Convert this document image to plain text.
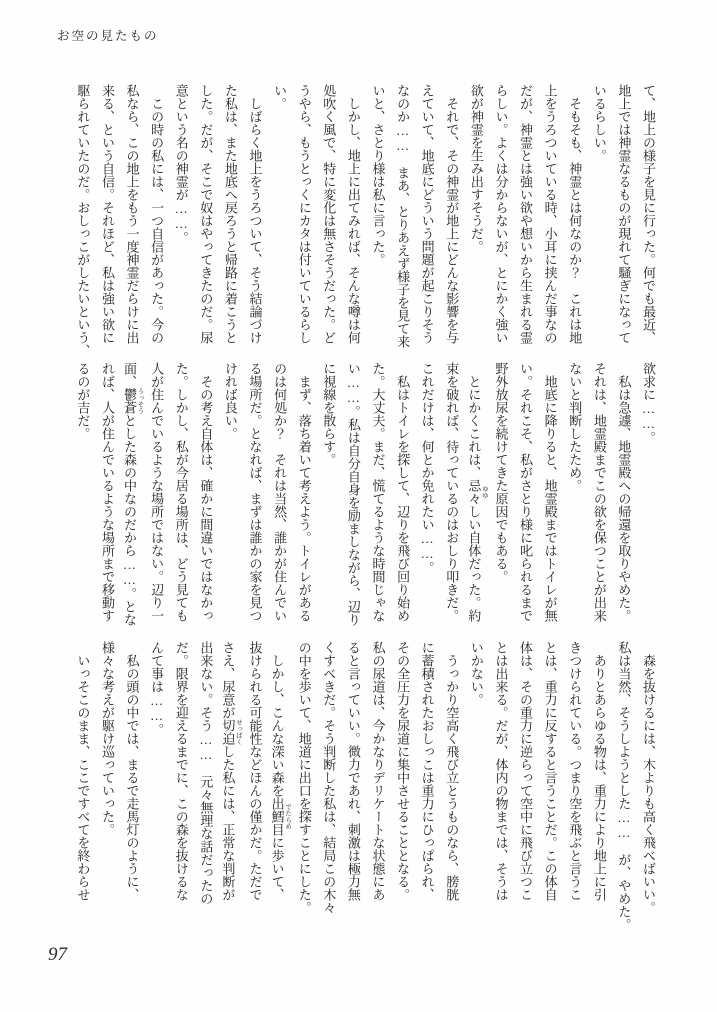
お空の見たもの
て、地上の様子を見に行った。何でも最近、
地上では神霊なるものが現れて騒ぎになって
いるらしい。
　そもそも、神霊とは何なのか？　これは地
上をうろついている時、小耳に挟んだ事なの
だが、神霊とは強い欲や想いから生まれる霊
らしい。よくは分からないが、とにかく強い
欲が神霊を生み出すそうだ。
　それで、その神霊が地上にどんな影響を与
えていて、地底にどういう問題が起こりそう
なのか……　まあ、とりあえず様子を見て来
いと、さとり様は私に言った。
　しかし、地上に出てみれば、そんな噂は何
処吹く風で、特に変化は無さそうだった。ど
うやら、もうとっくにカタは付いているらし
い。
　しばらく地上をうろついて、そう結論づけ
た私は、また地底へ戻ろうと帰路に着こうと
した。だが、そこで奴はやってきたのだ。尿
意という名の神霊が……。
　この時の私には、一つ自信があった。今の
私なら、この地上をもう一度神霊だらけに出
来る、という自信。それほど、私は強い欲に
駆られていたのだ。おしっこがしたいという、
欲求に……。
　私は急遽、地霊殿への帰還を取りやめた。
それは、地霊殿までこの欲を保つことが出来
ないと判断したため。
　地底に降りると、地霊殿まではトイレが無
い。それこそ、私がさとり様に叱られるまで
野外放尿を続けてきた原因でもある。
　とにかくこれは、忌々 ゆゆしい自体だった。約
束を破れば、待っているのはおしり叩きだ。
これだけは、何とか免れたい……。
　私はトイレを探して、辺りを飛び回り始め
た。大丈夫。まだ、慌てるような時間じゃな
い……。私は自分自身を励ましながら、辺り
に視線を散らす。
　まず、落ち着いて考えよう。トイレがある
のは何処か？　それは当然、誰かが住んでい
る場所だ。となれば、まずは誰かの家を見つ
ければ良い。
　その考え自体は、確かに間違いではなかっ
た。しかし、私が今居る場所は、どう見ても
人が住んでいるような場所ではない。辺り一
面、鬱蒼 うっそうとした森の中なのだから……。とな
れば、人が住んでいるような場所まで移動す
るのが吉だ。
　森を抜けるには、木よりも高く飛べばいい。
私は当然、そうしようとした……　が、やめた。
　ありとあらゆる物は、重力により地上に引
きつけられている。つまり空を飛ぶと言うこ
とは、重力に反すると言うことだ。この体自
体は、その重力に逆らって空中に飛び立つこ
とは出来る。だが、体内の物までは、そうは
いかない。
　うっかり空高く飛び立とうものなら、膀胱
に蓄積されたおしっこは重力にひっぱられ、
その全圧力を尿道に集中させることとなる。
私の尿道は、今かなりデリケートな状態にあ
ると言っていい。微力であれ、刺激は極力無
くすべきだ。そう判断した私は、結局この木々
の中を歩いて、地道に出口を探すことにした。
　しかし、こんな深い森を出鱈目 でたらめに歩いて、
抜けられる可能性などほんの僅かだ。ただで
さえ、尿意が切迫 せっぱくした私には、正常な判断が
出来ない。そう……　元々無理な話だったの
だ。限界を迎えるまでに、この森を抜けるな
んて事は……。
　私の頭の中では、まるで走馬灯のように、
様々な考えが駆け巡っていった。
　いっそこのまま、ここですべてを終わらせ
97
